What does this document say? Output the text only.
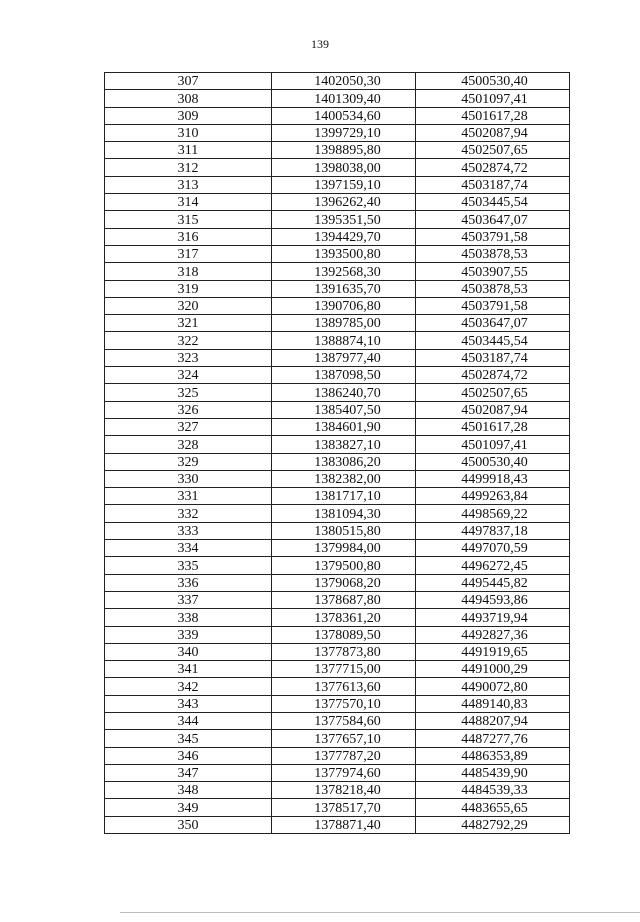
139
307	1402050,30	4500530,40
308	1401309,40	4501097,41
309	1400534,60	4501617,28
310	1399729,10	4502087,94
311	1398895,80	4502507,65
312	1398038,00	4502874,72
313	1397159,10	4503187,74
314	1396262,40	4503445,54
315	1395351,50	4503647,07
316	1394429,70	4503791,58
317	1393500,80	4503878,53
318	1392568,30	4503907,55
319	1391635,70	4503878,53
320	1390706,80	4503791,58
321	1389785,00	4503647,07
322	1388874,10	4503445,54
323	1387977,40	4503187,74
324	1387098,50	4502874,72
325	1386240,70	4502507,65
326	1385407,50	4502087,94
327	1384601,90	4501617,28
328	1383827,10	4501097,41
329	1383086,20	4500530,40
330	1382382,00	4499918,43
331	1381717,10	4499263,84
332	1381094,30	4498569,22
333	1380515,80	4497837,18
334	1379984,00	4497070,59
335	1379500,80	4496272,45
336	1379068,20	4495445,82
337	1378687,80	4494593,86
338	1378361,20	4493719,94
339	1378089,50	4492827,36
340	1377873,80	4491919,65
341	1377715,00	4491000,29
342	1377613,60	4490072,80
343	1377570,10	4489140,83
344	1377584,60	4488207,94
345	1377657,10	4487277,76
346	1377787,20	4486353,89
347	1377974,60	4485439,90
348	1378218,40	4484539,33
349	1378517,70	4483655,65
350	1378871,40	4482792,29
